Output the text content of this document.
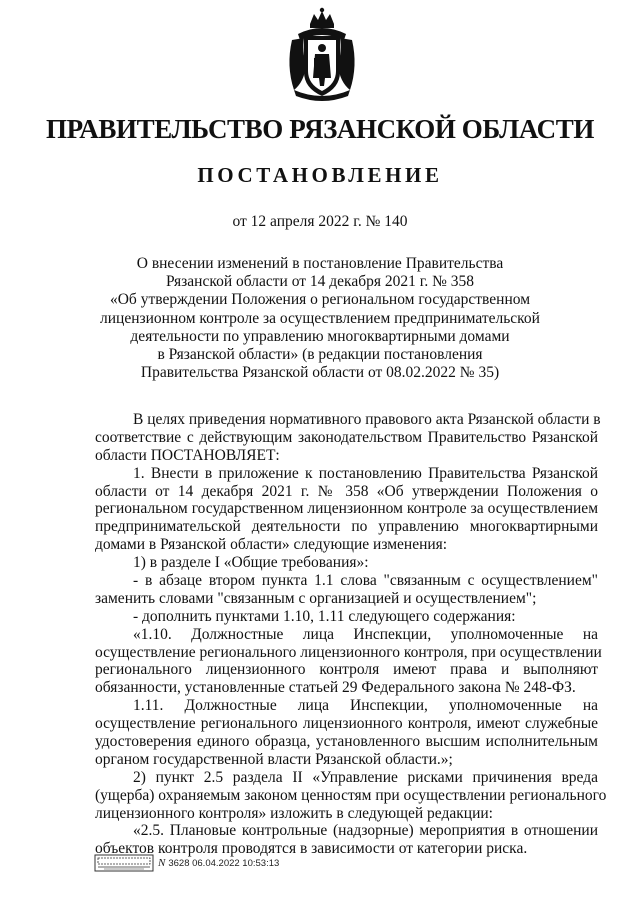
ПРАВИТЕЛЬСТВО РЯЗАНСКОЙ ОБЛАСТИ
ПОСТАНОВЛЕНИЕ
от 12 апреля 2022 г. № 140
О внесении изменений в постановление Правительства
Рязанской области от 14 декабря 2021 г. № 358
«Об утверждении Положения о региональном государственном
лицензионном контроле за осуществлением предпринимательской
деятельности по управлению многоквартирными домами
в Рязанской области» (в редакции постановления
Правительства Рязанской области от 08.02.2022 № 35)
В целях приведения нормативного правового акта Рязанской области в
соответствие с действующим законодательством Правительство Рязанской
области ПОСТАНОВЛЯЕТ:
1. Внести в приложение к постановлению Правительства Рязанской
области от 14 декабря 2021 г. № 358 «Об утверждении Положения о
региональном государственном лицензионном контроле за осуществлением
предпринимательской деятельности по управлению многоквартирными
домами в Рязанской области» следующие изменения:
1) в разделе I «Общие требования»:
- в абзаце втором пункта 1.1 слова "связанным с осуществлением"
заменить словами "связанным с организацией и осуществлением";
- дополнить пунктами 1.10, 1.11 следующего содержания:
«1.10. Должностные лица Инспекции, уполномоченные на
осуществление регионального лицензионного контроля, при осуществлении
регионального лицензионного контроля имеют права и выполняют
обязанности, установленные статьей 29 Федерального закона № 248-ФЗ.
1.11. Должностные лица Инспекции, уполномоченные на
осуществление регионального лицензионного контроля, имеют служебные
удостоверения единого образца, установленного высшим исполнительным
органом государственной власти Рязанской области.»;
2) пункт 2.5 раздела II «Управление рисками причинения вреда
(ущерба) охраняемым законом ценностям при осуществлении регионального
лицензионного контроля» изложить в следующей редакции:
«2.5. Плановые контрольные (надзорные) мероприятия в отношении
объектов контроля проводятся в зависимости от категории риска.
N 3628 06.04.2022 10:53:13
